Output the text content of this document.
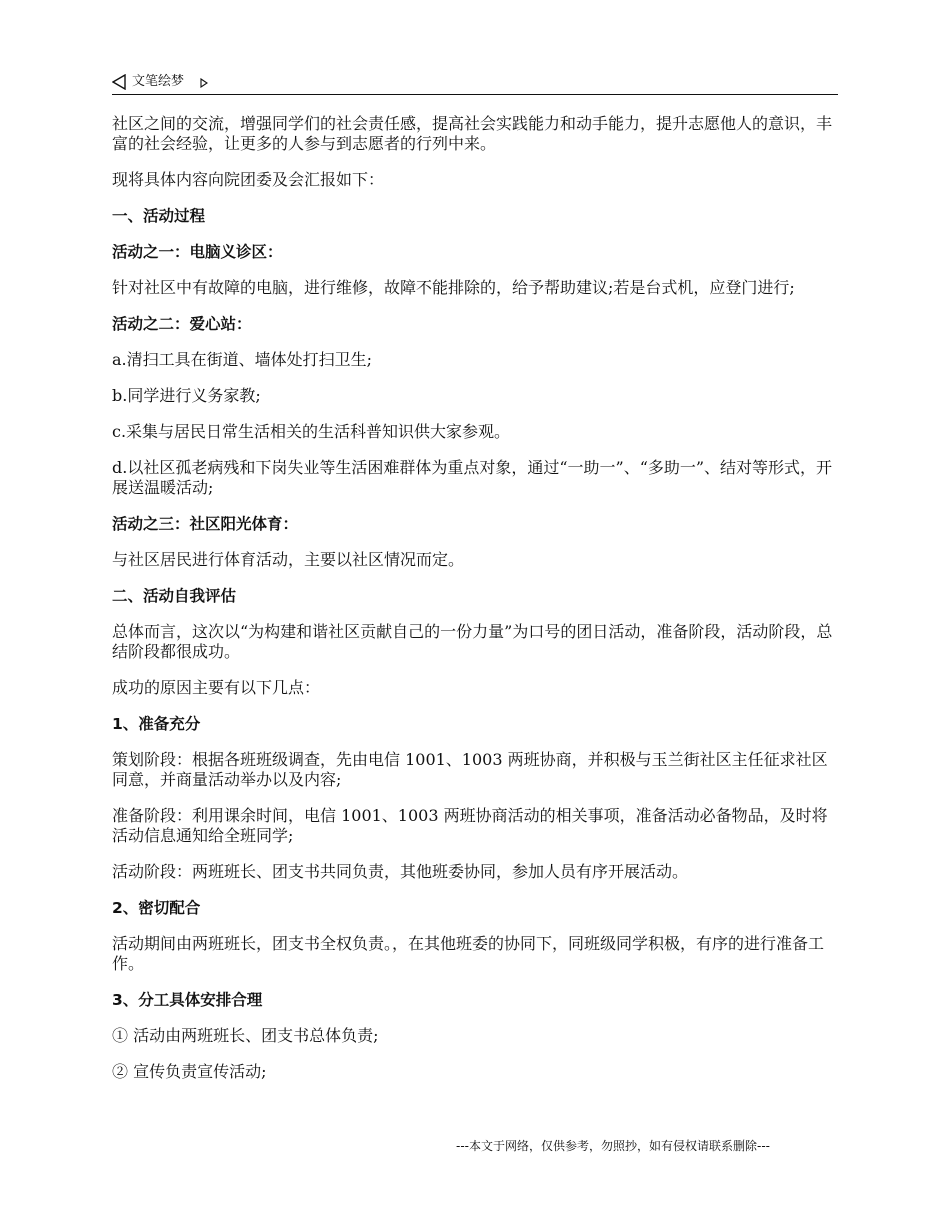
文笔绘梦

社区之间的交流，增强同学们的社会责任感，提高社会实践能力和动手能力，提升志愿他人的意识，丰富的社会经验，让更多的人参与到志愿者的行列中来。

现将具体内容向院团委及会汇报如下：

一、活动过程

活动之一：电脑义诊区：

针对社区中有故障的电脑，进行维修，故障不能排除的，给予帮助建议;若是台式机，应登门进行;

活动之二：爱心站：

a.清扫工具在街道、墙体处打扫卫生;

b.同学进行义务家教;

c.采集与居民日常生活相关的生活科普知识供大家参观。

d.以社区孤老病残和下岗失业等生活困难群体为重点对象，通过“一助一”、“多助一”、结对等形式，开展送温暖活动;

活动之三：社区阳光体育：

与社区居民进行体育活动，主要以社区情况而定。

二、活动自我评估

总体而言，这次以“为构建和谐社区贡献自己的一份力量”为口号的团日活动，准备阶段，活动阶段，总结阶段都很成功。

成功的原因主要有以下几点：

1、准备充分

策划阶段：根据各班班级调查，先由电信 1001、1003 两班协商，并积极与玉兰街社区主任征求社区同意，并商量活动举办以及内容;

准备阶段：利用课余时间，电信 1001、1003 两班协商活动的相关事项，准备活动必备物品，及时将活动信息通知给全班同学;

活动阶段：两班班长、团支书共同负责，其他班委协同，参加人员有序开展活动。

2、密切配合

活动期间由两班班长，团支书全权负责。，在其他班委的协同下，同班级同学积极，有序的进行准备工作。

3、分工具体安排合理

① 活动由两班班长、团支书总体负责;

② 宣传负责宣传活动;

---本文于网络，仅供参考，勿照抄，如有侵权请联系删除---
